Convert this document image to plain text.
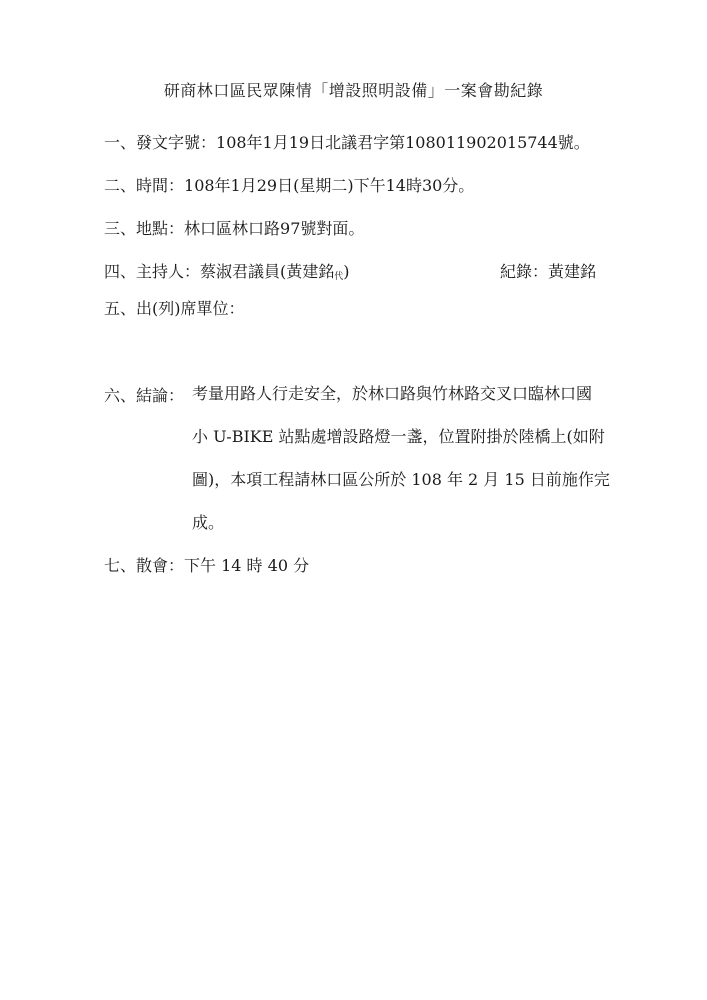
研商林口區民眾陳情「增設照明設備」一案會勘紀錄
一、發文字號：108年1月19日北議君字第108011902015744號。
二、時間：108年1月29日(星期二)下午14時30分。
三、地點：林口區林口路97號對面。
四、主持人：蔡淑君議員(黃建銘代)	紀錄：黃建銘
五、出(列)席單位：
六、結論： 考量用路人行走安全，於林口路與竹林路交叉口臨林口國
小 U-BIKE 站點處增設路燈一盞，位置附掛於陸橋上(如附
圖)，本項工程請林口區公所於 108 年 2 月 15 日前施作完
成。
七、散會：下午 14 時 40 分
